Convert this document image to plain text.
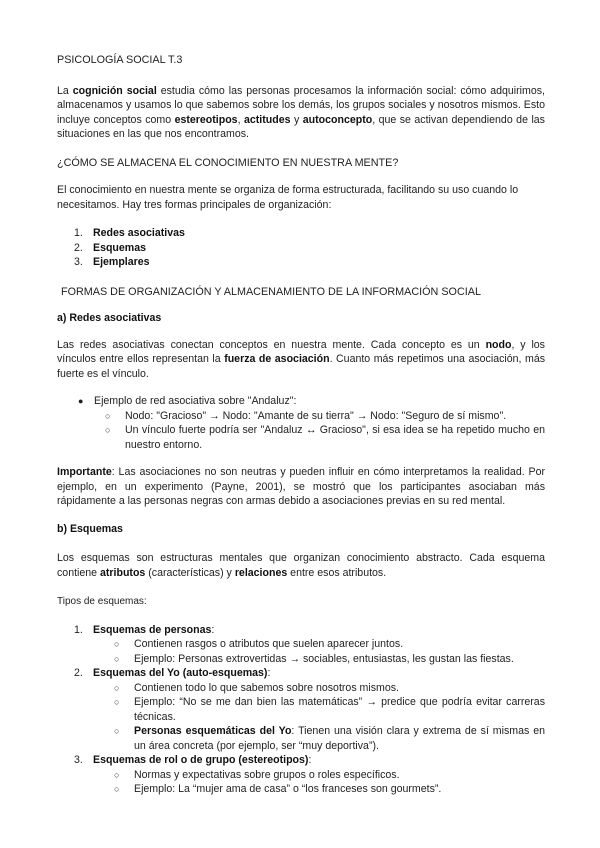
PSICOLOGÍA SOCIAL T.3

La cognición social estudia cómo las personas procesamos la información social: cómo adquirimos, almacenamos y usamos lo que sabemos sobre los demás, los grupos sociales y nosotros mismos. Esto incluye conceptos como estereotipos, actitudes y autoconcepto, que se activan dependiendo de las situaciones en las que nos encontramos.

¿CÓMO SE ALMACENA EL CONOCIMIENTO EN NUESTRA MENTE?

El conocimiento en nuestra mente se organiza de forma estructurada, facilitando su uso cuando lo necesitamos. Hay tres formas principales de organización:

1. Redes asociativas
2. Esquemas
3. Ejemplares

FORMAS DE ORGANIZACIÓN Y ALMACENAMIENTO DE LA INFORMACIÓN SOCIAL

a) Redes asociativas

Las redes asociativas conectan conceptos en nuestra mente. Cada concepto es un nodo, y los vínculos entre ellos representan la fuerza de asociación. Cuanto más repetimos una asociación, más fuerte es el vínculo.

● Ejemplo de red asociativa sobre "Andaluz":
○ Nodo: "Gracioso" → Nodo: "Amante de su tierra" → Nodo: "Seguro de sí mismo".
○ Un vínculo fuerte podría ser "Andaluz ↔ Gracioso", si esa idea se ha repetido mucho en nuestro entorno.

Importante: Las asociaciones no son neutras y pueden influir en cómo interpretamos la realidad. Por ejemplo, en un experimento (Payne, 2001), se mostró que los participantes asociaban más rápidamente a las personas negras con armas debido a asociaciones previas en su red mental.

b) Esquemas

Los esquemas son estructuras mentales que organizan conocimiento abstracto. Cada esquema contiene atributos (características) y relaciones entre esos atributos.

Tipos de esquemas:

1. Esquemas de personas:
○ Contienen rasgos o atributos que suelen aparecer juntos.
○ Ejemplo: Personas extrovertidas → sociables, entusiastas, les gustan las fiestas.
2. Esquemas del Yo (auto-esquemas):
○ Contienen todo lo que sabemos sobre nosotros mismos.
○ Ejemplo: “No se me dan bien las matemáticas” → predice que podría evitar carreras técnicas.
○ Personas esquemáticas del Yo: Tienen una visión clara y extrema de sí mismas en un área concreta (por ejemplo, ser “muy deportiva”).
3. Esquemas de rol o de grupo (estereotipos):
○ Normas y expectativas sobre grupos o roles específicos.
○ Ejemplo: La “mujer ama de casa” o “los franceses son gourmets”.
